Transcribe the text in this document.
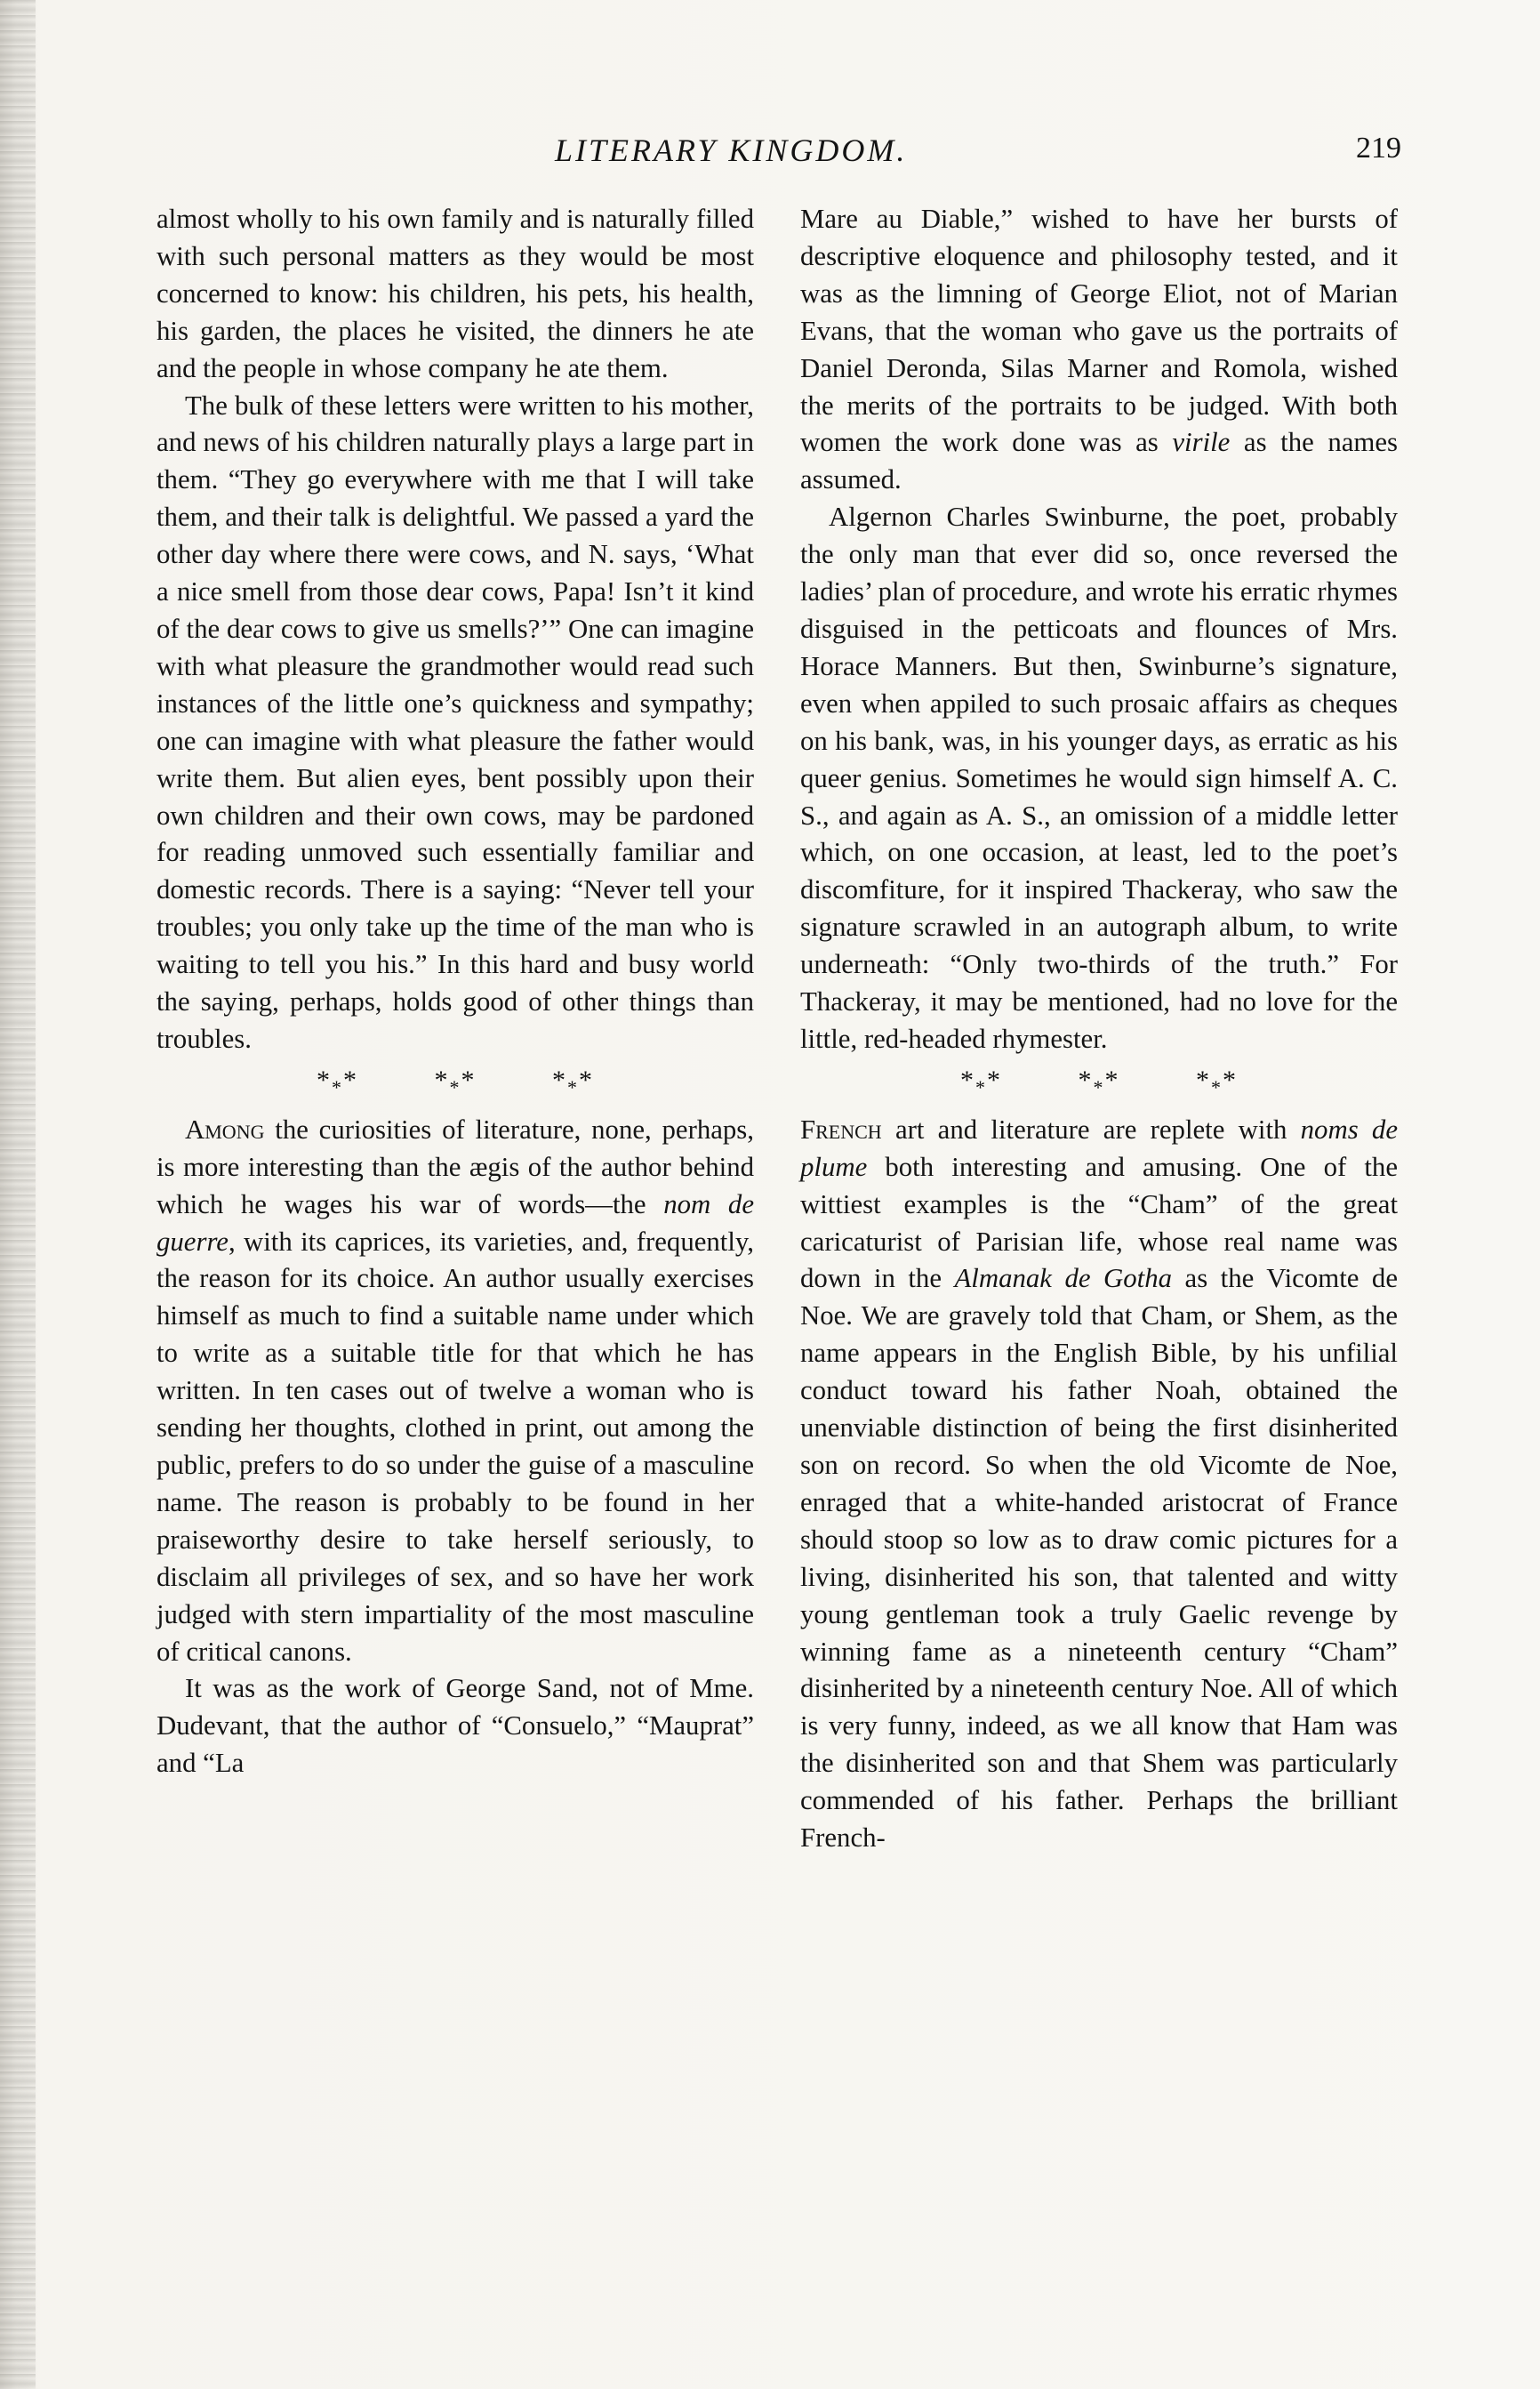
LITERARY KINGDOM.	219

almost wholly to his own family and is naturally filled with such personal matters as they would be most concerned to know: his children, his pets, his health, his garden, the places he visited, the dinners he ate and the people in whose company he ate them.

The bulk of these letters were written to his mother, and news of his children naturally plays a large part in them. “They go everywhere with me that I will take them, and their talk is delightful. We passed a yard the other day where there were cows, and N. says, ‘What a nice smell from those dear cows, Papa! Isn’t it kind of the dear cows to give us smells?’” One can imagine with what pleasure the grandmother would read such instances of the little one’s quickness and sympathy; one can imagine with what pleasure the father would write them. But alien eyes, bent possibly upon their own children and their own cows, may be pardoned for reading unmoved such essentially familiar and domestic records. There is a saying: “Never tell your troubles; you only take up the time of the man who is waiting to tell you his.” In this hard and busy world the saying, perhaps, holds good of other things than troubles.

$*_**$	$*_**$	$*_**$

Among the curiosities of literature, none, perhaps, is more interesting than the ægis of the author behind which he wages his war of words—the nom de guerre, with its caprices, its varieties, and, frequently, the reason for its choice. An author usually exercises himself as much to find a suitable name under which to write as a suitable title for that which he has written. In ten cases out of twelve a woman who is sending her thoughts, clothed in print, out among the public, prefers to do so under the guise of a masculine name. The reason is probably to be found in her praiseworthy desire to take herself seriously, to disclaim all privileges of sex, and so have her work judged with stern impartiality of the most masculine of critical canons.

It was as the work of George Sand, not of Mme. Dudevant, that the author of “Consuelo,” “Mauprat” and “La

Mare au Diable,” wished to have her bursts of descriptive eloquence and philosophy tested, and it was as the limning of George Eliot, not of Marian Evans, that the woman who gave us the portraits of Daniel Deronda, Silas Marner and Romola, wished the merits of the portraits to be judged. With both women the work done was as virile as the names assumed.

Algernon Charles Swinburne, the poet, probably the only man that ever did so, once reversed the ladies’ plan of procedure, and wrote his erratic rhymes disguised in the petticoats and flounces of Mrs. Horace Manners. But then, Swinburne’s signature, even when appiled to such prosaic affairs as cheques on his bank, was, in his younger days, as erratic as his queer genius. Sometimes he would sign himself A. C. S., and again as A. S., an omission of a middle letter which, on one occasion, at least, led to the poet’s discomfiture, for it inspired Thackeray, who saw the signature scrawled in an autograph album, to write underneath: “Only two-thirds of the truth.” For Thackeray, it may be mentioned, had no love for the little, red-headed rhymester.

$*_**$	$*_**$	$*_**$

French art and literature are replete with noms de plume both interesting and amusing. One of the wittiest examples is the “Cham” of the great caricaturist of Parisian life, whose real name was down in the Almanak de Gotha as the Vicomte de Noe. We are gravely told that Cham, or Shem, as the name appears in the English Bible, by his unfilial conduct toward his father Noah, obtained the unenviable distinction of being the first disinherited son on record. So when the old Vicomte de Noe, enraged that a white-handed aristocrat of France should stoop so low as to draw comic pictures for a living, disinherited his son, that talented and witty young gentleman took a truly Gaelic revenge by winning fame as a nineteenth century “Cham” disinherited by a nineteenth century Noe. All of which is very funny, indeed, as we all know that Ham was the disinherited son and that Shem was particularly commended of his father. Perhaps the brilliant French-
